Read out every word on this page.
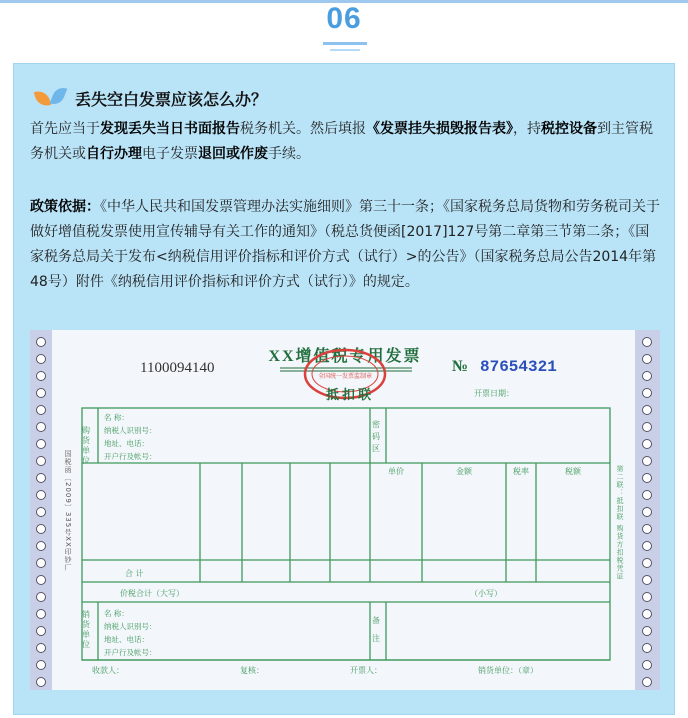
06
丢失空白发票应该怎么办？
首先应当于发现丢失当日书面报告税务机关。然后填报《发票挂失损毁报告表》，持税控设备到主管税务机关或自行办理电子发票退回或作废手续。
政策依据：《中华人民共和国发票管理办法实施细则》第三十一条；《国家税务总局货物和劳务税司关于做好增值税发票使用宣传辅导有关工作的通知》（税总货便函[2017]127号第二章第三节第二条；《国家税务总局关于发布<纳税信用评价指标和评价方式（试行）>的公告》（国家税务总局公告2014年第48号）附件《纳税信用评价指标和评价方式（试行）》的规定。
1100094140
XX增值税专用发票
全国统一发票监制章
抵扣联
№ 87654321
开票日期：
购货单位
名 称：
纳税人识别号：
地址、电话：
开户行及帐号：
密码区
单价	金额	税率	税额
合 计
价税合计（大写）	（小写）
销货单位 名 称：
纳税人识别号：
地址、电话：
开户行及帐号：
备注
收款人：	复核：	开票人：	销货单位：（章）
国税函〔2009〕335号XX印钞厂	第二联：抵扣联 购货方扣税凭证
